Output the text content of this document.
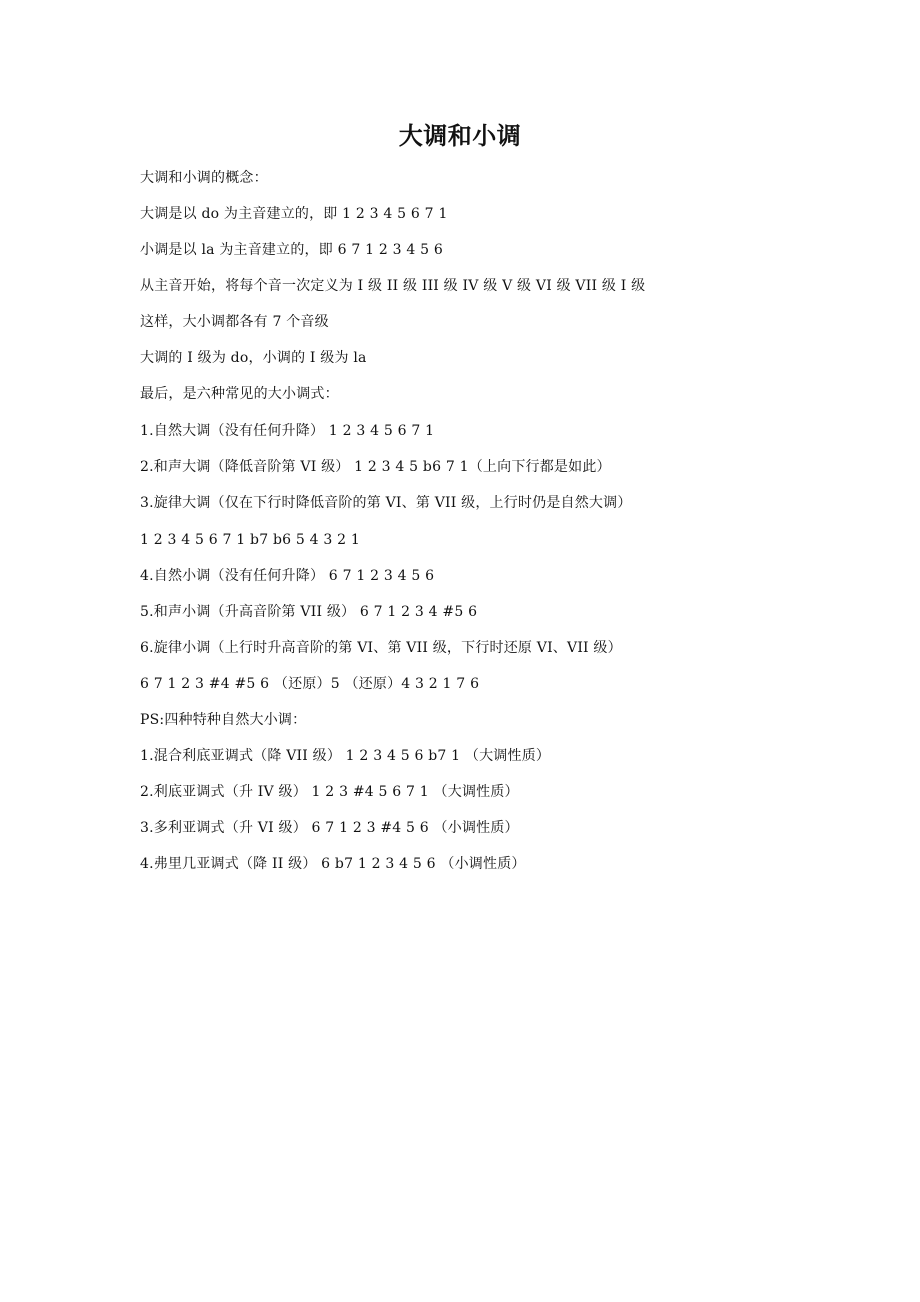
大调和小调
大调和小调的概念：
大调是以 do 为主音建立的，即 1 2 3 4 5 6 7 1
小调是以 la 为主音建立的，即 6 7 1 2 3 4 5 6
从主音开始，将每个音一次定义为 I 级 II 级 III 级 IV 级 V 级 VI 级 VII 级 I 级
这样，大小调都各有 7 个音级
大调的 I 级为 do，小调的 I 级为 la
最后，是六种常见的大小调式：
1.自然大调（没有任何升降） 1 2 3 4 5 6 7 1
2.和声大调（降低音阶第 VI 级） 1 2 3 4 5 b6 7 1（上向下行都是如此）
3.旋律大调（仅在下行时降低音阶的第 VI、第 VII 级，上行时仍是自然大调）
1 2 3 4 5 6 7 1 b7 b6 5 4 3 2 1
4.自然小调（没有任何升降） 6 7 1 2 3 4 5 6
5.和声小调（升高音阶第 VII 级） 6 7 1 2 3 4 #5 6
6.旋律小调（上行时升高音阶的第 VI、第 VII 级，下行时还原 VI、VII 级）
6 7 1 2 3 #4 #5 6 （还原）5 （还原）4 3 2 1 7 6
PS:四种特种自然大小调：
1.混合利底亚调式（降 VII 级） 1 2 3 4 5 6 b7 1 （大调性质）
2.利底亚调式（升 IV 级） 1 2 3 #4 5 6 7 1 （大调性质）
3.多利亚调式（升 VI 级） 6 7 1 2 3 #4 5 6 （小调性质）
4.弗里几亚调式（降 II 级） 6 b7 1 2 3 4 5 6 （小调性质）
